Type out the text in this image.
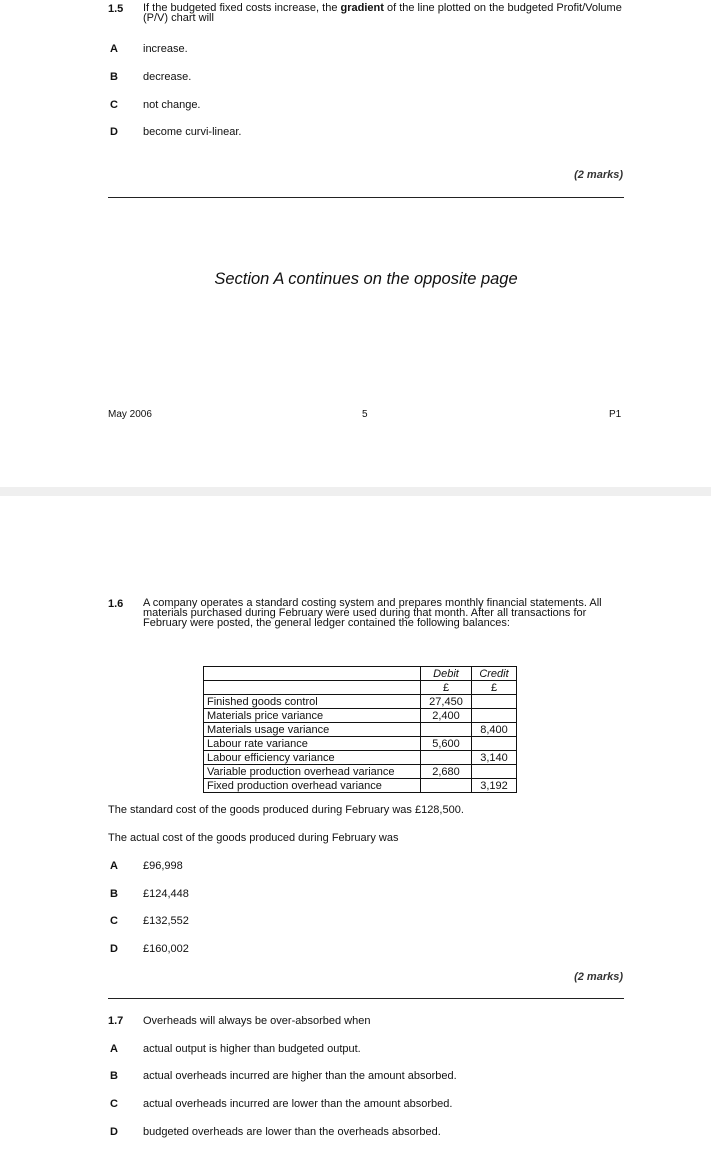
1.5 If the budgeted fixed costs increase, the gradient of the line plotted on the budgeted Profit/Volume (P/V) chart will
A increase.
B decrease.
C not change.
D become curvi-linear.
(2 marks)
Section A continues on the opposite page
May 2006	5	P1
1.6 A company operates a standard costing system and prepares monthly financial statements. All materials purchased during February were used during that month. After all transactions for February were posted, the general ledger contained the following balances:
	Debit	Credit
	£	£
Finished goods control	27,450	
Materials price variance	2,400	
Materials usage variance		8,400
Labour rate variance	5,600	
Labour efficiency variance		3,140
Variable production overhead variance	2,680	
Fixed production overhead variance		3,192
The standard cost of the goods produced during February was £128,500.
The actual cost of the goods produced during February was
A £96,998
B £124,448
C £132,552
D £160,002
(2 marks)
1.7 Overheads will always be over-absorbed when
A actual output is higher than budgeted output.
B actual overheads incurred are higher than the amount absorbed.
C actual overheads incurred are lower than the amount absorbed.
D budgeted overheads are lower than the overheads absorbed.
